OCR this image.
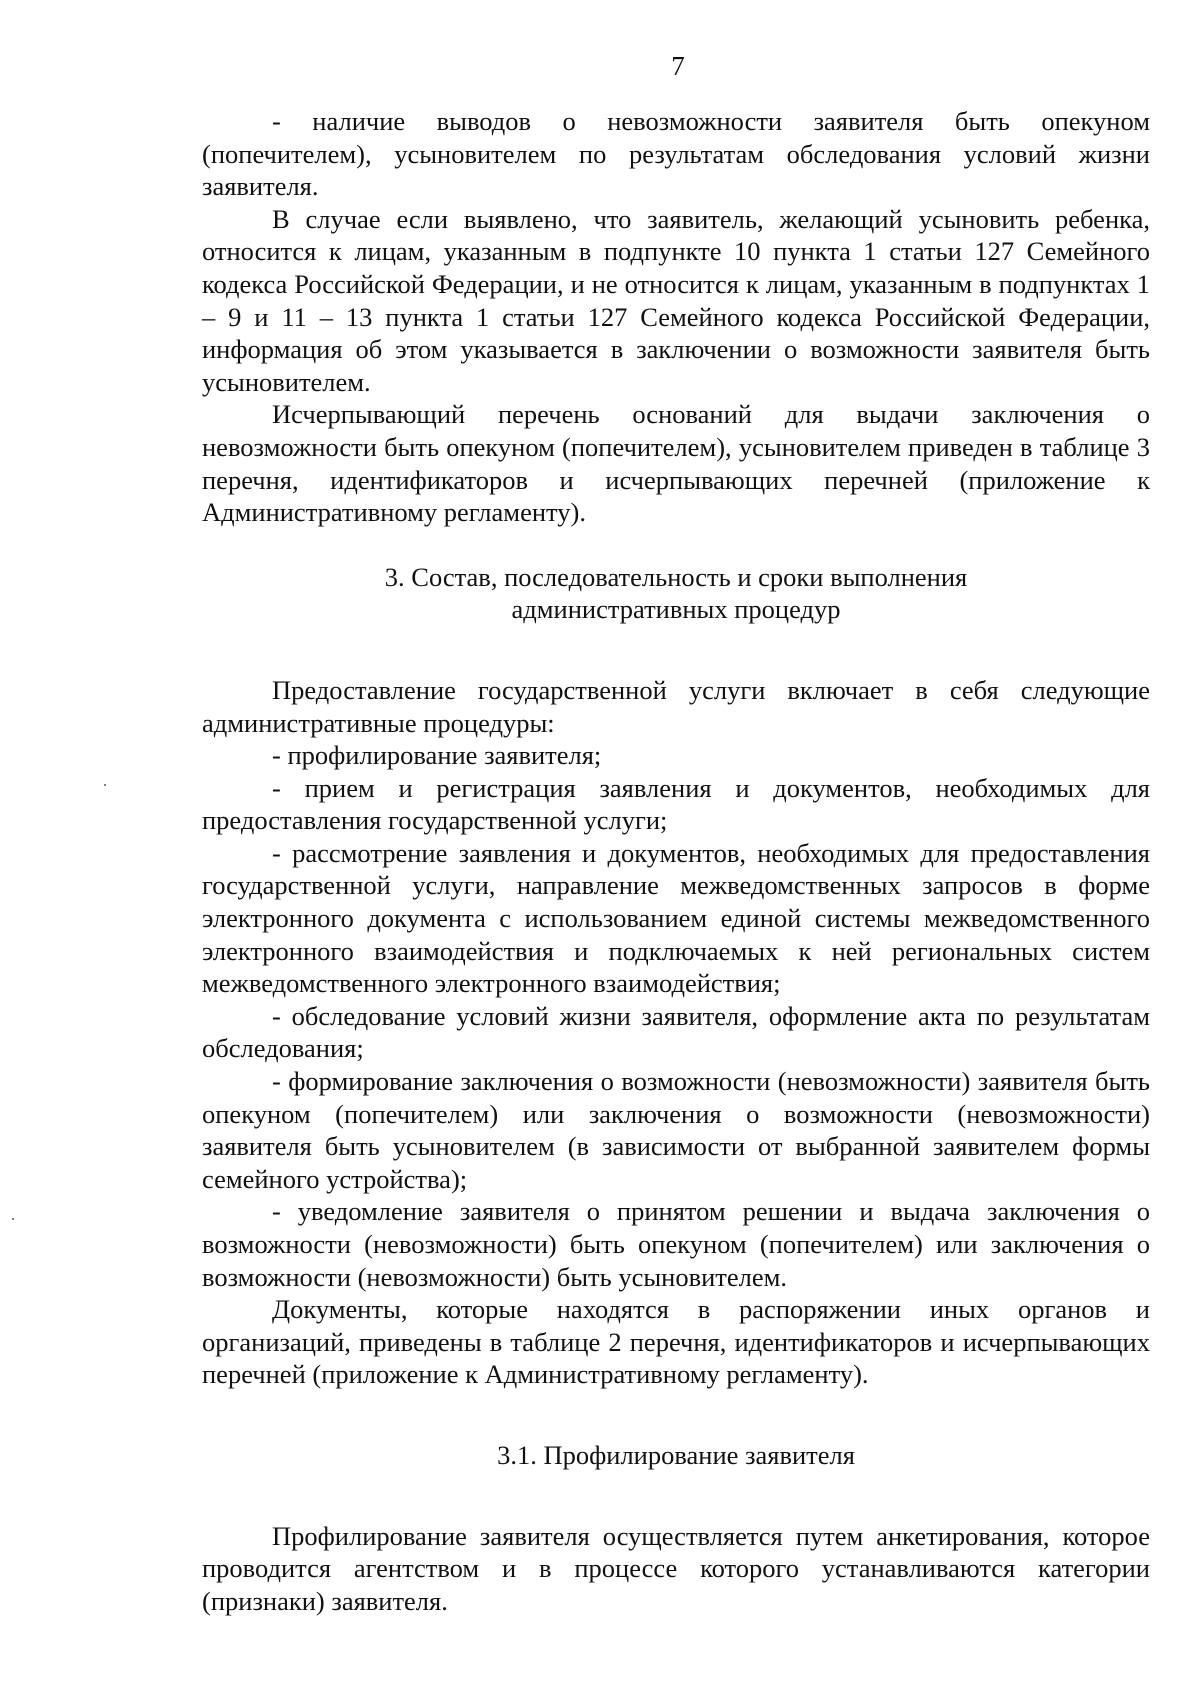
7

- наличие выводов о невозможности заявителя быть опекуном (попечителем), усыновителем по результатам обследования условий жизни заявителя.

В случае если выявлено, что заявитель, желающий усыновить ребенка, относится к лицам, указанным в подпункте 10 пункта 1 статьи 127 Семейного кодекса Российской Федерации, и не относится к лицам, указанным в подпунктах 1 – 9 и 11 – 13 пункта 1 статьи 127 Семейного кодекса Российской Федерации, информация об этом указывается в заключении о возможности заявителя быть усыновителем.

Исчерпывающий перечень оснований для выдачи заключения о невозможности быть опекуном (попечителем), усыновителем приведен в таблице 3 перечня, идентификаторов и исчерпывающих перечней (приложение к Административному регламенту).

3. Состав, последовательность и сроки выполнения
административных процедур

Предоставление государственной услуги включает в себя следующие административные процедуры:

- профилирование заявителя;

- прием и регистрация заявления и документов, необходимых для предоставления государственной услуги;

- рассмотрение заявления и документов, необходимых для предоставления государственной услуги, направление межведомственных запросов в форме электронного документа с использованием единой системы межведомственного электронного взаимодействия и подключаемых к ней региональных систем межведомственного электронного взаимодействия;

- обследование условий жизни заявителя, оформление акта по результатам обследования;

- формирование заключения о возможности (невозможности) заявителя быть опекуном (попечителем) или заключения о возможности (невозможности) заявителя быть усыновителем (в зависимости от выбранной заявителем формы семейного устройства);

- уведомление заявителя о принятом решении и выдача заключения о возможности (невозможности) быть опекуном (попечителем) или заключения о возможности (невозможности) быть усыновителем.

Документы, которые находятся в распоряжении иных органов и организаций, приведены в таблице 2 перечня, идентификаторов и исчерпывающих перечней (приложение к Административному регламенту).

3.1. Профилирование заявителя

Профилирование заявителя осуществляется путем анкетирования, которое проводится агентством и в процессе которого устанавливаются категории (признаки) заявителя.
